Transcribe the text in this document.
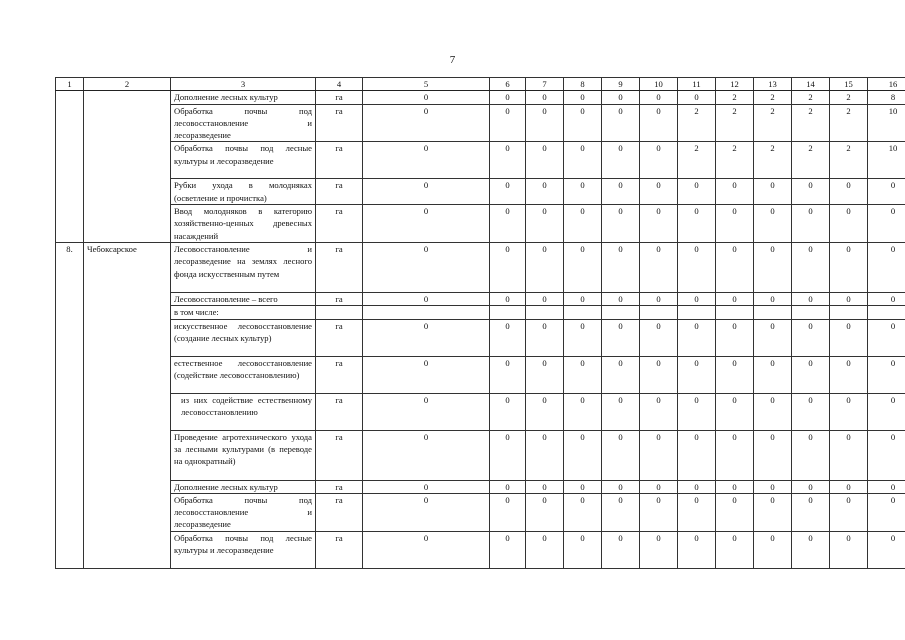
7
1	2	3	4	5	6	7	8	9	10	11	12	13	14	15	16
		Дополнение лесных культур	га	0	0	0	0	0	0	0	2	2	2	2	8
		Обработка почвы под лесовосстановление и лесоразведение	га	0	0	0	0	0	0	2	2	2	2	2	10
		Обработка почвы под лесные культуры и лесоразведение	га	0	0	0	0	0	0	2	2	2	2	2	10
		Рубки ухода в молодняках (осветление и прочистка)	га	0	0	0	0	0	0	0	0	0	0	0	0
		Ввод молодняков в категорию хозяйственно-ценных древесных насаждений	га	0	0	0	0	0	0	0	0	0	0	0	0
8.	Чебоксарское	Лесовосстановление и лесоразведение на землях лесного фонда искусственным путем	га	0	0	0	0	0	0	0	0	0	0	0	0
		Лесовосстановление – всего	га	0	0	0	0	0	0	0	0	0	0	0	0
		в том числе:													
		искусственное лесовосстановление (создание лесных культур)	га	0	0	0	0	0	0	0	0	0	0	0	0
		естественное лесовосстановление (содействие лесовосстановлению)	га	0	0	0	0	0	0	0	0	0	0	0	0
		из них содействие естественному лесовосстановлению	га	0	0	0	0	0	0	0	0	0	0	0	0
		Проведение агротехнического ухода за лесными культурами (в переводе на однократный)	га	0	0	0	0	0	0	0	0	0	0	0	0
		Дополнение лесных культур	га	0	0	0	0	0	0	0	0	0	0	0	0
		Обработка почвы под лесовосстановление и лесоразведение	га	0	0	0	0	0	0	0	0	0	0	0	0
		Обработка почвы под лесные культуры и лесоразведение	га	0	0	0	0	0	0	0	0	0	0	0	0
